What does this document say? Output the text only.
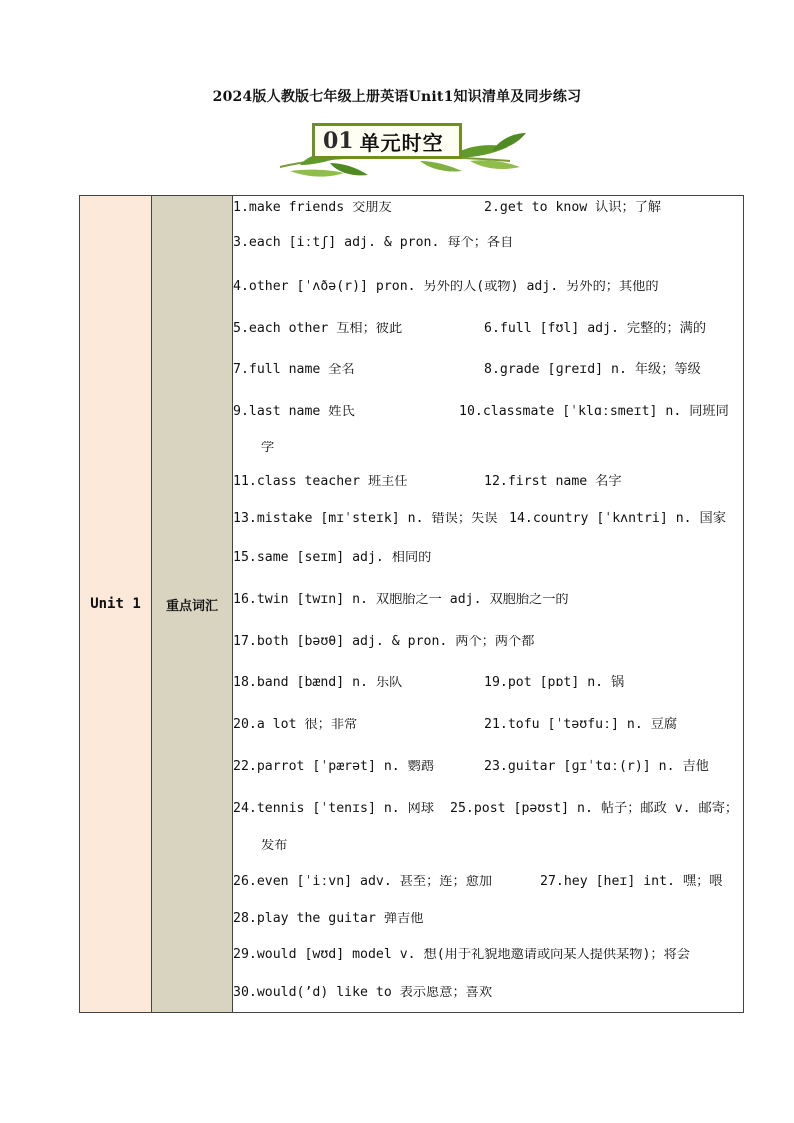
2024版人教版七年级上册英语Unit1知识清单及同步练习
01 单元时空
Unit 1	重点词汇	
1.make friends 交朋友	2.get to know 认识；了解
3.each [iːtʃ] adj. & pron. 每个；各自
4.other [ˈʌðə(r)] pron. 另外的人(或物) adj. 另外的；其他的
5.each other 互相；彼此	6.full [fʊl] adj. 完整的；满的
7.full name 全名	8.grade [ɡreɪd] n. 年级；等级
9.last name 姓氏	10.classmate [ˈklɑːsmeɪt] n. 同班同
学
11.class teacher 班主任	12.first name 名字
13.mistake [mɪˈsteɪk] n. 错误；失误 14.country [ˈkʌntri] n. 国家
15.same [seɪm] adj. 相同的
16.twin [twɪn] n. 双胞胎之一 adj. 双胞胎之一的
17.both [bəʊθ] adj. & pron. 两个；两个都
18.band [bænd] n. 乐队	19.pot [pɒt] n. 锅
20.a lot 很；非常	21.tofu [ˈtəʊfuː] n. 豆腐
22.parrot [ˈpærət] n. 鹦鹉	23.guitar [ɡɪˈtɑː(r)] n. 吉他
24.tennis [ˈtenɪs] n. 网球	25.post [pəʊst] n. 帖子；邮政 v. 邮寄；
发布
26.even [ˈiːvn] adv. 甚至；连；愈加	27.hey [heɪ] int. 嘿；喂
28.play the guitar 弹吉他
29.would [wʊd] model v. 想(用于礼貌地邀请或向某人提供某物)；将会
30.would(’d) like to 表示愿意；喜欢
